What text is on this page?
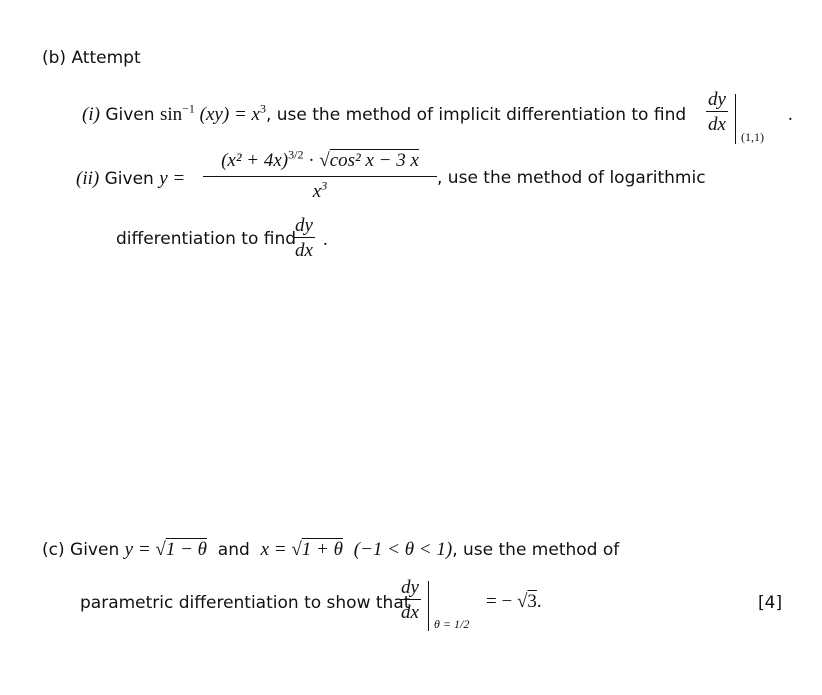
(b) Attempt
(i) Given $\sin^{-1} (xy) = x^3$, use the method of implicit differentiation to find $\frac{dy}{dx}$
(1,1)
.
(ii) Given y =
$(x^2 + 4x)^{3/2} \cdot √\cos^2$ x − 3 x
$x^3$	, use the method of logarithmic
differentiation to find
$\frac{dy}{dx}$ .
(c) Given y = √1 − θ and x = √1 + θ (−1 < θ < 1), use the method of
parametric differentiation to show that
$\frac{dy}{dx}$
θ = 1/2
= − √3.	[4]
